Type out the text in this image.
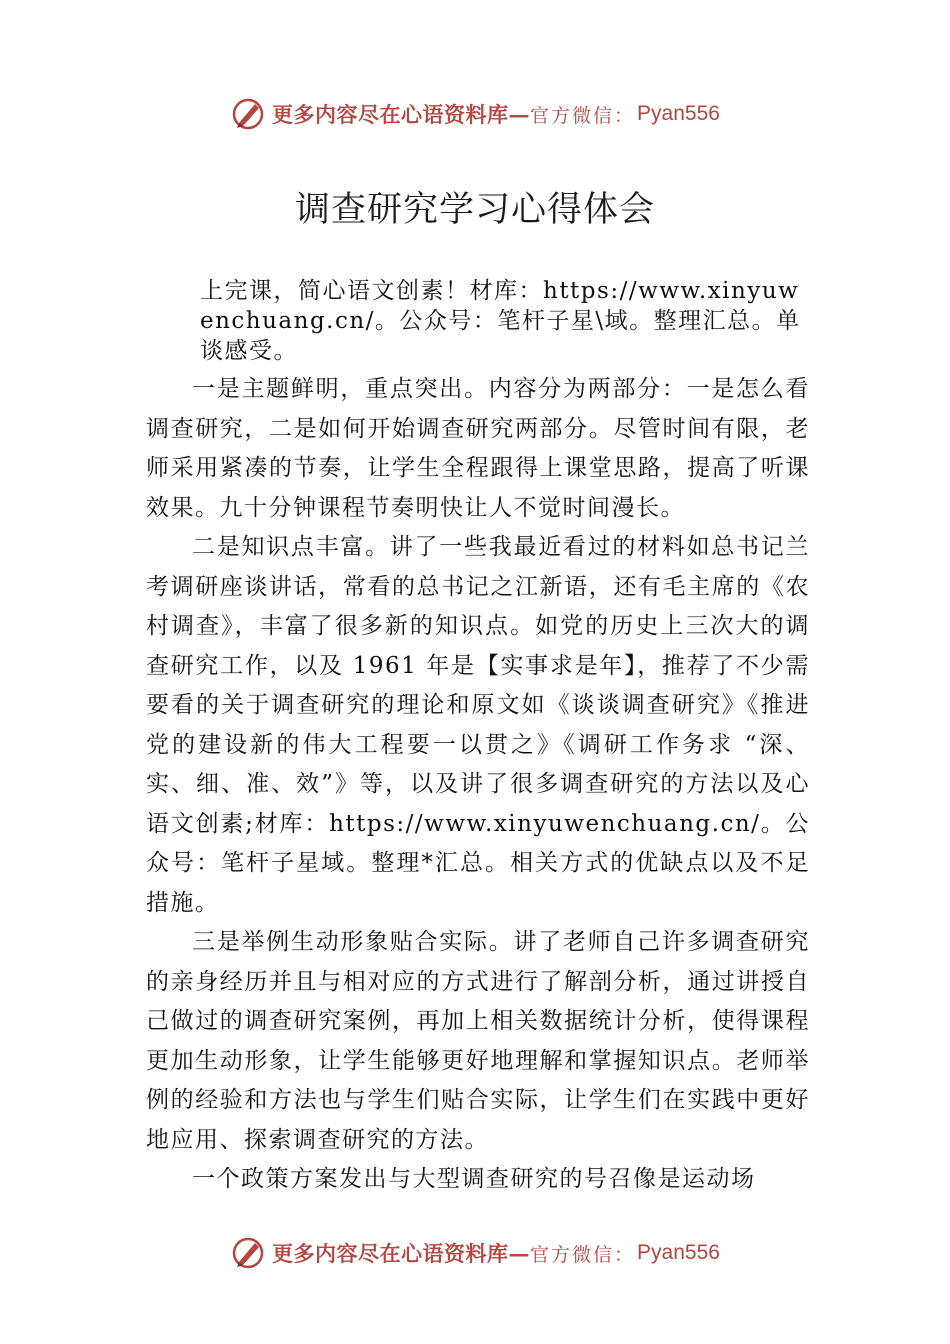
更多内容尽在心语资料库— 官方微信： Pyan556
调查研究学习心得体会

上完课，简心语文创素！材库：https://www.xinyuwenchuang.cn/。公众号：笔杆子星\域。整理汇总。单谈感受。

一是主题鲜明，重点突出。内容分为两部分：一是怎么看调查研究，二是如何开始调查研究两部分。尽管时间有限，老师采用紧凑的节奏，让学生全程跟得上课堂思路，提高了听课效果。九十分钟课程节奏明快让人不觉时间漫长。

二是知识点丰富。讲了一些我最近看过的材料如总书记兰考调研座谈讲话，常看的总书记之江新语，还有毛主席的《农村调查》，丰富了很多新的知识点。如党的历史上三次大的调查研究工作，以及 1961 年是【实事求是年】，推荐了不少需要看的关于调查研究的理论和原文如《谈谈调查研究》《推进党的建设新的伟大工程要一以贯之》《调研工作务求 “深、实、细、准、效”》等，以及讲了很多调查研究的方法以及心语文创素;材库：https://www.xinyuwenchuang.cn/。公众号：笔杆子星域。整理*汇总。相关方式的优缺点以及不足措施。

三是举例生动形象贴合实际。讲了老师自己许多调查研究的亲身经历并且与相对应的方式进行了解剖分析，通过讲授自己做过的调查研究案例，再加上相关数据统计分析，使得课程更加生动形象，让学生能够更好地理解和掌握知识点。老师举例的经验和方法也与学生们贴合实际，让学生们在实践中更好地应用、探索调查研究的方法。

一个政策方案发出与大型调查研究的号召像是运动场

更多内容尽在心语资料库— 官方微信： Pyan556
